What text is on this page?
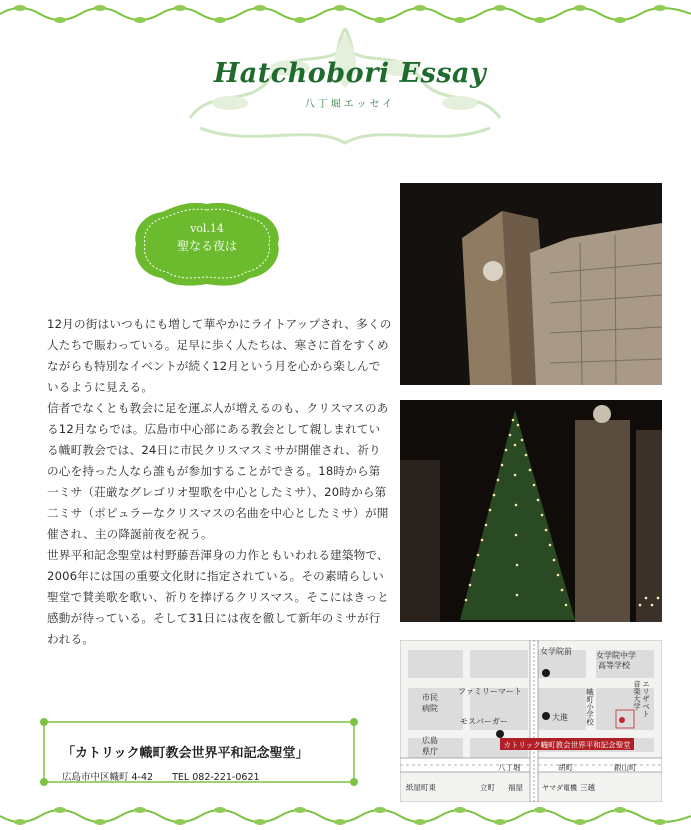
Hatchobori Essay
八丁堀エッセイ
vol.14
聖なる夜は

12月の街はいつもにも増して華やかにライトアップされ、多くの人たちで賑わっている。足早に歩く人たちは、寒さに首をすくめながらも特別なイベントが続く12月という月を心から楽しんでいるように見える。

信者でなくとも教会に足を運ぶ人が増えるのも、クリスマスのある12月ならでは。広島市中心部にある教会として親しまれている幟町教会では、24日に市民クリスマスミサが開催され、祈りの心を持った人なら誰もが参加することができる。18時から第一ミサ（荘厳なグレゴリオ聖歌を中心としたミサ）、20時から第二ミサ（ポピュラーなクリスマスの名曲を中心としたミサ）が開催され、主の降誕前夜を祝う。

世界平和記念聖堂は村野藤吾渾身の力作ともいわれる建築物で、2006年には国の重要文化財に指定されている。その素晴らしい聖堂で賛美歌を歌い、祈りを捧げるクリスマス。そこにはきっと感動が待っている。そして31日には夜を徹して新年のミサが行われる。

「カトリック幟町教会世界平和記念聖堂」
広島市中区幟町 4-42 TEL 082-221-0621
カトリック幟町教会世界平和記念聖堂
女学院前	女学院中学
高等学校
ファミリーマート
モスバーガー
市民
病院
広島
県庁
大進
八丁堀	胡町	銀山町
紙屋町東	立町 福屋	ヤマダ電機 三越
幟町小学校	エリザベト
音楽大学
